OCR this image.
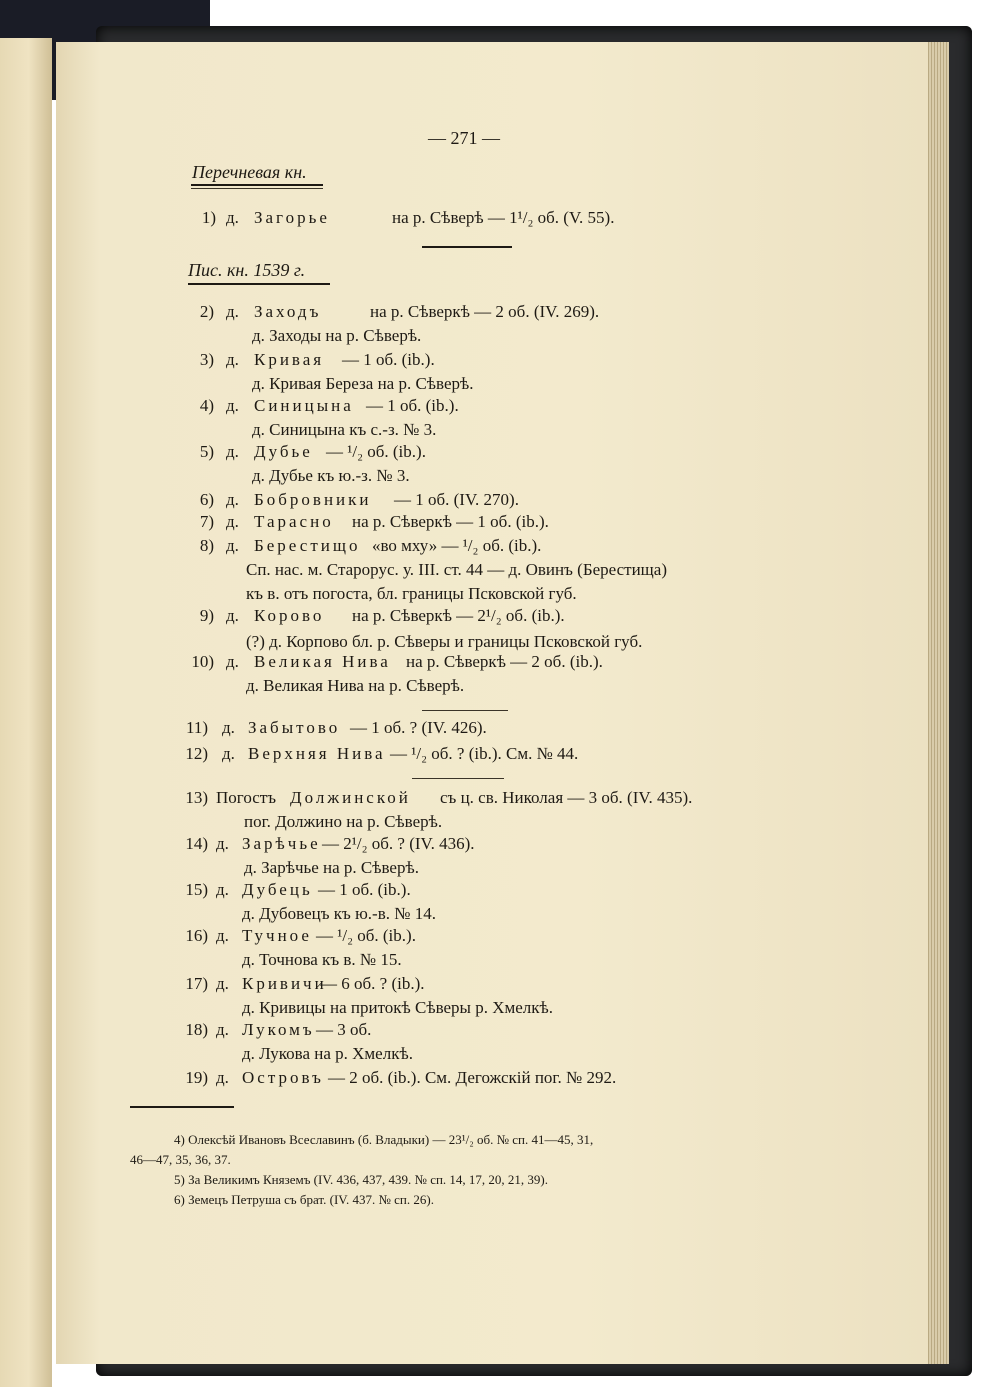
— 271 —
Перечневая кн.
1) д. Загорье	на р. Сѣверѣ — 1¹/₂ об. (V. 55).
Пис. кн. 1539 г.
2) д. Заходъ	на р. Сѣверкѣ — 2 об. (IV. 269).
д. Заходы на р. Сѣверѣ.
3) д. Кривая — 1 об. (ib.).
д. Кривая Береза на р. Сѣверѣ.
4) д. Синицына — 1 об. (ib.).
д. Синицына къ с.-з. № 3.
5) д. Дубье — ¹/₂ об. (ib.).
д. Дубье къ ю.-з. № 3.
6) д. Бобровники — 1 об. (IV. 270).
7) д. Тарасно на р. Сѣверкѣ — 1 об. (ib.).
8) д. Берестищо «во мху» — ¹/₂ об. (ib.).
Сп. нас. м. Старорус. у. III. ст. 44 — д. Овинъ (Берестища)
къ в. отъ погоста, бл. границы Псковской губ.
9) д. Корово на р. Сѣверкѣ — 2¹/₂ об. (ib.).
(?) д. Корпово бл. р. Сѣверы и границы Псковской губ.
10) д. Великая Нива на р. Сѣверкѣ — 2 об. (ib.).
д. Великая Нива на р. Сѣверѣ.
11) д. Забытово — 1 об. ? (IV. 426).
12) д. Верхняя Нива — ¹/₂ об. ? (ib.). См. № 44.
13) Погостъ Должинской съ ц. св. Николая — 3 об. (IV. 435).
пог. Должино на р. Сѣверѣ.
14) д. Зарѣчье — 2¹/₂ об. ? (IV. 436).
д. Зарѣчье на р. Сѣверѣ.
15) д. Дубець — 1 об. (ib.).
д. Дубовецъ къ ю.-в. № 14.
16) д. Тучное — ¹/₂ об. (ib.).
д. Точнова къ в. № 15.
17) д. Кривичи
— 6 об. ? (ib.).
д. Кривицы на притокѣ Сѣверы р. Хмелкѣ.
18) д. Лукомъ — 3 об.
д. Лукова на р. Хмелкѣ.
19) д. Островъ — 2 об. (ib.). См. Дегожскій пог. № 292.
4) Олексѣй Ивановъ Всеславинъ (б. Владыки) — 23¹/₂ об. № сп. 41—45, 31,
46—47, 35, 36, 37.
5) За Великимъ Княземъ (IV. 436, 437, 439. № сп. 14, 17, 20, 21, 39).
6) Земецъ Петруша съ брат. (IV. 437. № сп. 26).
